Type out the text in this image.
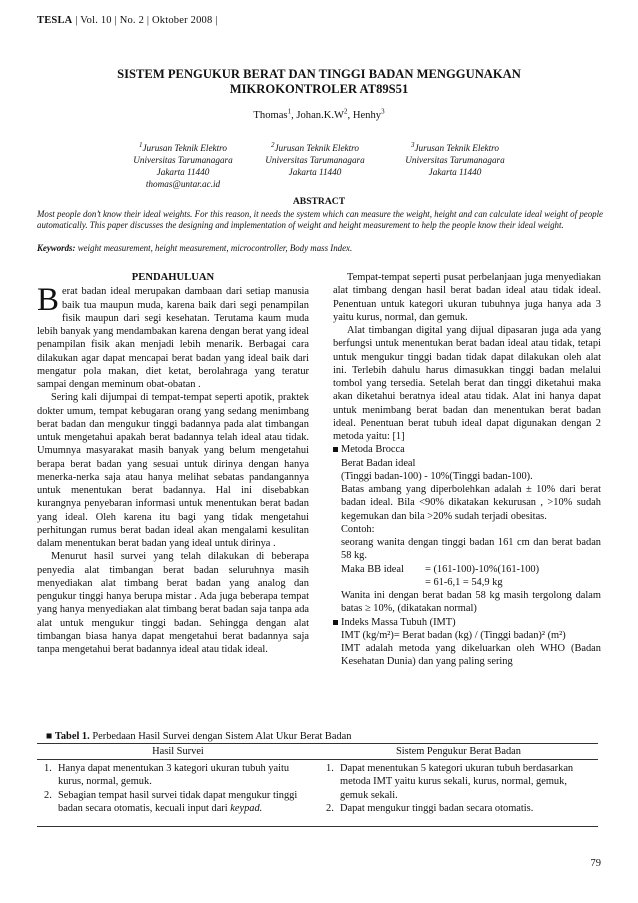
TESLA | Vol. 10 | No. 2 | Oktober 2008 |
SISTEM PENGUKUR BERAT DAN TINGGI BADAN MENGGUNAKAN
MIKROKONTROLER AT89S51
Thomas$^1$, $Johan.K.W^2$, Henhy$^3$
$^1$Jurusan Teknik Elektro
Universitas Tarumanagara
Jakarta 11440
thomas@untar.ac.id
$^2$Jurusan Teknik Elektro
Universitas Tarumanagara
Jakarta 11440
$^3$Jurusan Teknik Elektro
Universitas Tarumanagara
Jakarta 11440
ABSTRACT
Most people don’t know their ideal weights. For this reason, it needs the system which can measure the weight, height and can calculate ideal weight of people automatically. This paper discusses the designing and implementation of weight and height measurement to help the people know their ideal weight.
Keywords: weight measurement, height measurement, microcontroller, Body mass Index.
PENDAHULUAN

Berat badan ideal merupakan dambaan dari setiap manusia baik tua maupun muda, karena baik dari segi penampilan fisik maupun dari segi kesehatan. Terutama kaum muda lebih banyak yang mendambakan karena dengan berat yang ideal penampilan fisik akan menjadi lebih menarik. Berbagai cara dilakukan agar dapat mencapai berat badan yang ideal baik dari mengatur pola makan, diet ketat, berolahraga yang teratur sampai dengan meminum obat-obatan .

Sering kali dijumpai di tempat-tempat seperti apotik, praktek dokter umum, tempat kebugaran orang yang sedang menimbang berat badan dan mengukur tinggi badannya pada alat timbangan untuk mengetahui apakah berat badannya telah ideal atau tidak. Umumnya masyarakat masih banyak yang belum mengetahui berapa berat badan yang sesuai untuk dirinya dengan hanya menerka-nerka saja atau hanya melihat sebatas pandangannya untuk menentukan berat badannya. Hal ini disebabkan kurangnya penyebaran informasi untuk menentukan berat badan yang ideal. Oleh karena itu bagi yang tidak mengetahui perhitungan rumus berat badan ideal akan mengalami kesulitan dalam menentukan berat badan yang ideal untuk dirinya .

Menurut hasil survei yang telah dilakukan di beberapa penyedia alat timbangan berat badan seluruhnya masih menyediakan alat timbang berat badan yang analog dan pengukur tinggi hanya berupa mistar . Ada juga beberapa tempat yang hanya menyediakan alat timbang berat badan saja tanpa ada alat untuk mengukur tinggi badan. Sehingga dengan alat timbangan biasa hanya dapat mengetahui berat badannya saja tanpa mengetahui berat badannya ideal atau tidak ideal.

Tempat-tempat seperti pusat perbelanjaan juga menyediakan alat timbang dengan hasil berat badan ideal atau tidak ideal. Penentuan untuk kategori ukuran tubuhnya juga hanya ada 3 yaitu kurus, normal, dan gemuk.

Alat timbangan digital yang dijual dipasaran juga ada yang berfungsi untuk menentukan berat badan ideal atau tidak, tetapi untuk mengukur tinggi badan tidak dapat dilakukan oleh alat ini. Terlebih dahulu harus dimasukkan tinggi badan melalui tombol yang tersedia. Setelah berat dan tinggi diketahui maka akan diketahui beratnya ideal atau tidak. Alat ini hanya dapat untuk menimbang berat badan dan menentukan berat badan ideal. Penentuan berat tubuh ideal dapat digunakan dengan 2 metoda yaitu: [1]

Metoda Brocca

Berat Badan ideal

(Tinggi badan-100) - 10%(Tinggi badan-100).

Batas ambang yang diperbolehkan adalah ± 10% dari berat badan ideal. Bila <90% dikatakan kekurusan , >10% sudah kegemukan dan bila >20% sudah terjadi obesitas.

Contoh:

seorang wanita dengan tinggi badan 161 cm dan berat badan 58 kg.

Maka BB ideal	= (161-100)-10%(161-100)
= 61-6,1 = 54,9 kg

Wanita ini dengan berat badan 58 kg masih tergolong dalam batas ≥ 10%, (dikatakan normal)

Indeks Massa Tubuh (IMT)

IMT (kg/m²)= Berat badan (kg) / (Tinggi badan)² (m²)

IMT adalah metoda yang dikeluarkan oleh WHO (Badan Kesehatan Dunia) dan yang paling sering

■ Tabel 1. Perbedaan Hasil Survei dengan Sistem Alat Ukur Berat Badan
Hasil Survei	Sistem Pengukur Berat Badan
1. Hanya dapat menentukan 3 kategori ukuran tubuh yaitu kurus, normal, gemuk.
2. Sebagian tempat hasil survei tidak dapat mengukur tinggi badan secara otomatis, kecuali input dari keypad.
1. Dapat menentukan 5 kategori ukuran tubuh berdasarkan metoda IMT yaitu kurus sekali, kurus, normal, gemuk, gemuk sekali.
2. Dapat mengukur tinggi badan secara otomatis.
79
